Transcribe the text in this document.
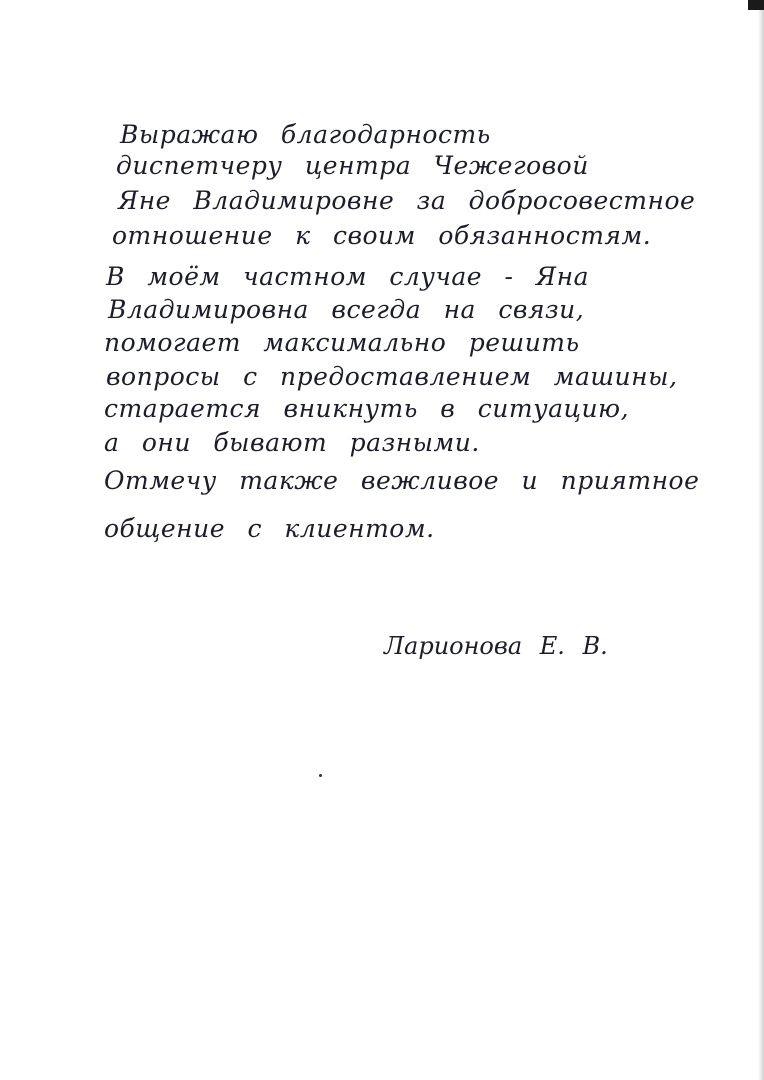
Выражаю благодарность
диспетчеру центра Чежеговой
Яне Владимировне за добросовестное
отношение к своим обязанностям.
В моём частном случае - Яна
Владимировна всегда на связи,
помогает максимально решить
вопросы с предоставлением машины,
старается вникнуть в ситуацию,
а они бывают разными.
Отмечу также вежливое и приятное
общение с клиентом.
Ларионова Е. В.
